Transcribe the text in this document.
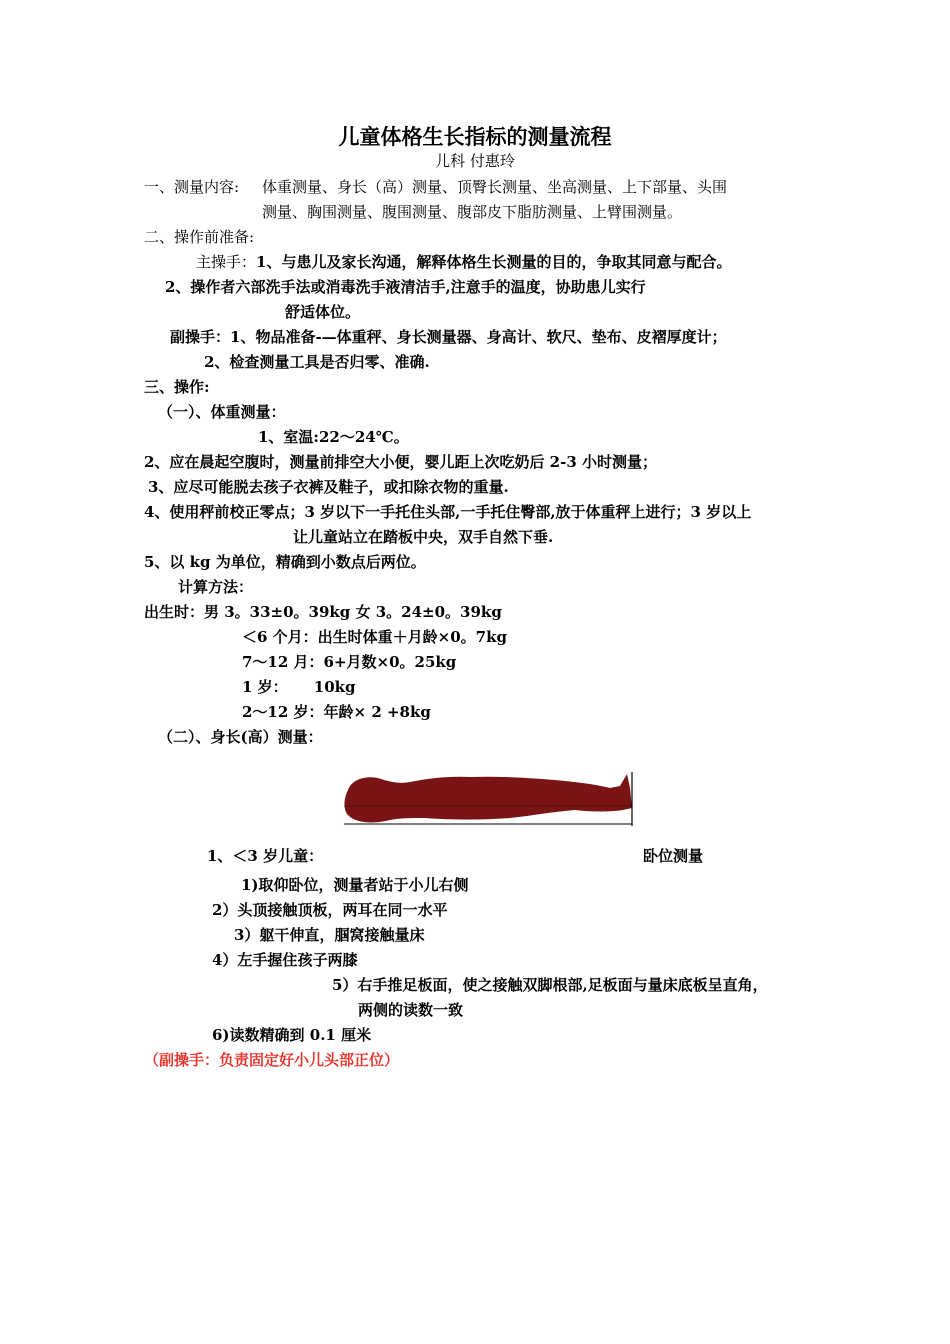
儿童体格生长指标的测量流程
儿科 付惠玲
一、测量内容: 体重测量、身长（高）测量、顶臀长测量、坐高测量、上下部量、头围
测量、胸围测量、腹围测量、腹部皮下脂肪测量、上臂围测量。
二、操作前准备:
主操手：1、与患儿及家长沟通，解释体格生长测量的目的，争取其同意与配合。
2、操作者六部洗手法或消毒洗手液清洁手,注意手的温度，协助患儿实行
舒适体位。
副操手：1、物品准备-—体重秤、身长测量器、身高计、软尺、垫布、皮褶厚度计；
2、检查测量工具是否归零、准确.
三、操作:
（一）、体重测量：
1、室温:22～24℃。
2、应在晨起空腹时，测量前排空大小便，婴儿距上次吃奶后 2-3 小时测量；
3、应尽可能脱去孩子衣裤及鞋子，或扣除衣物的重量.
4、使用秤前校正零点；3 岁以下一手托住头部,一手托住臀部,放于体重秤上进行；3 岁以上
让儿童站立在踏板中央，双手自然下垂.
5、以 kg 为单位，精确到小数点后两位。
计算方法：
出生时：男 3。33±0。39kg 女 3。24±0。39kg
＜6 个月：出生时体重＋月龄×0。7kg
7～12 月：6+月数×0。25kg
1 岁：     10kg
2～12 岁：年龄× 2 +8kg
（二）、身长(高）测量：
1、＜3 岁儿童：	卧位测量
1)取仰卧位，测量者站于小儿右侧
2）头顶接触顶板，两耳在同一水平
3）躯干伸直，腘窝接触量床
4）左手握住孩子两膝
5）右手推足板面，使之接触双脚根部,足板面与量床底板呈直角，
两侧的读数一致
6)读数精确到 0.1 厘米
（副操手：负责固定好小儿头部正位）
